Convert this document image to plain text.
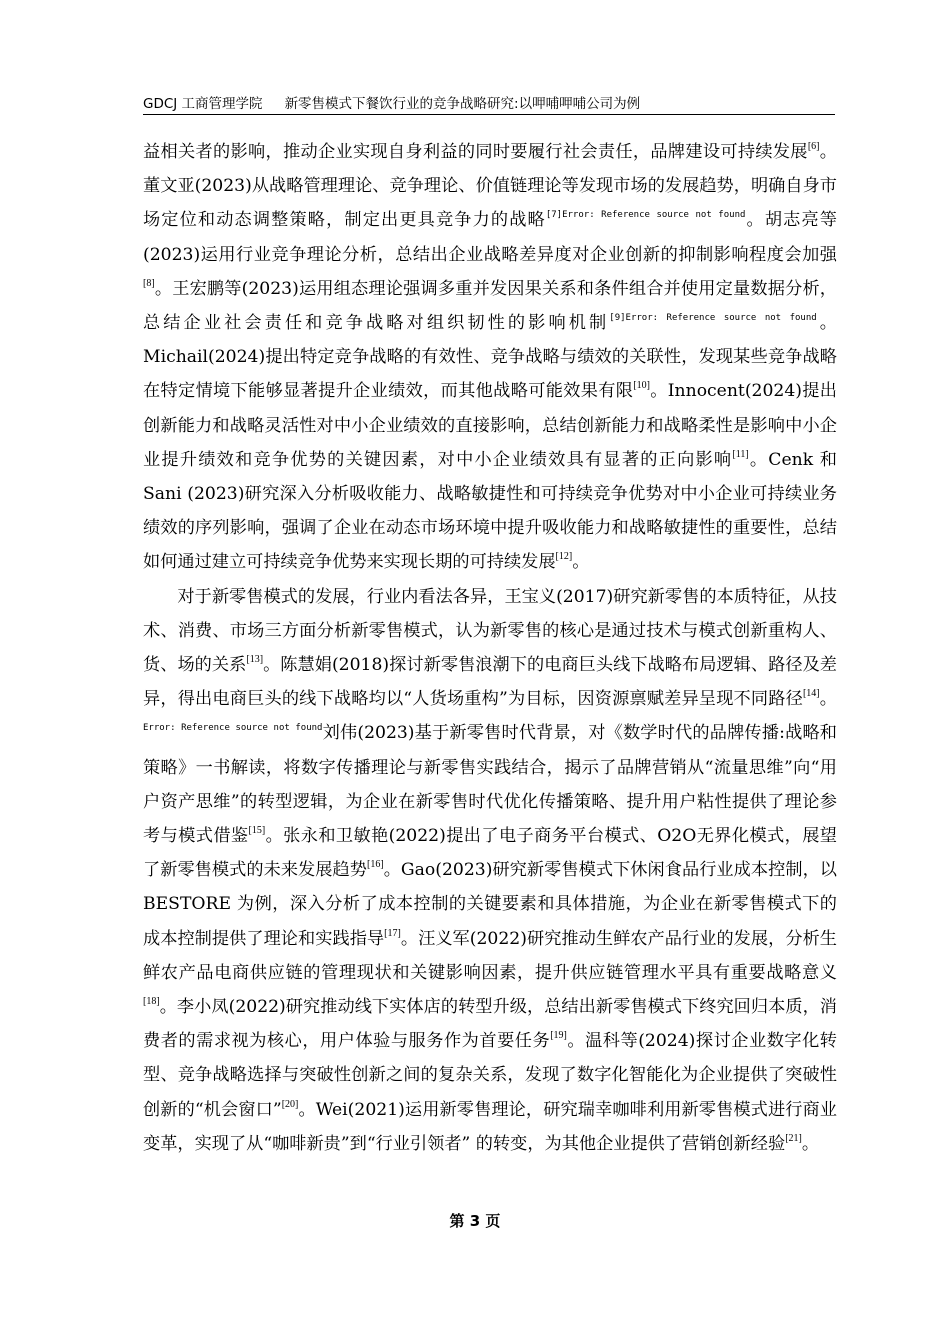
GDCJ 工商管理学院 新零售模式下餐饮行业的竞争战略研究:以呷哺呷哺公司为例

益相关者的影响，推动企业实现自身利益的同时要履行社会责任，品牌建设可持续发展[6]。董文亚(2023)从战略管理理论、竞争理论、价值链理论等发现市场的发展趋势，明确自身市场定位和动态调整策略，制定出更具竞争力的战略$^{[7]Error: Reference source not found}$。胡志亮等(2023)运用行业竞争理论分析，总结出企业战略差异度对企业创新的抑制影响程度会加强[8]。王宏鹏等(2023)运用组态理论强调多重并发因果关系和条件组合并使用定量数据分析，总结企业社会责任和竞争战略对组织韧性的影响机制$^{[9]Error: Reference source not found}$。Michail(2024)提出特定竞争战略的有效性、竞争战略与绩效的关联性，发现某些竞争战略在特定情境下能够显著提升企业绩效，而其他战略可能效果有限[10]。Innocent(2024)提出创新能力和战略灵活性对中小企业绩效的直接影响，总结创新能力和战略柔性是影响中小企业提升绩效和竞争优势的关键因素，对中小企业绩效具有显著的正向影响[11]。Cenk 和 Sani (2023)研究深入分析吸收能力、战略敏捷性和可持续竞争优势对中小企业可持续业务绩效的序列影响，强调了企业在动态市场环境中提升吸收能力和战略敏捷性的重要性，总结如何通过建立可持续竞争优势来实现长期的可持续发展[12]。

对于新零售模式的发展，行业内看法各异，王宝义(2017)研究新零售的本质特征，从技术、消费、市场三方面分析新零售模式，认为新零售的核心是通过技术与模式创新重构人、货、场的关系[13]。陈慧娟(2018)探讨新零售浪潮下的电商巨头线下战略布局逻辑、路径及差异，得出电商巨头的线下战略均以“人货场重构”为目标，因资源禀赋差异呈现不同路径[14]。$^{Error: Reference source not found}$刘伟(2023)基于新零售时代背景，对《数学时代的品牌传播:战略和策略》一书解读，将数字传播理论与新零售实践结合，揭示了品牌营销从“流量思维”向“用户资产思维”的转型逻辑，为企业在新零售时代优化传播策略、提升用户粘性提供了理论参考与模式借鉴[15]。张永和卫敏艳(2022)提出了电子商务平台模式、O2O无界化模式，展望了新零售模式的未来发展趋势[16]。Gao(2023)研究新零售模式下休闲食品行业成本控制，以 BESTORE 为例，深入分析了成本控制的关键要素和具体措施，为企业在新零售模式下的成本控制提供了理论和实践指导[17]。汪义军(2022)研究推动生鲜农产品行业的发展，分析生鲜农产品电商供应链的管理现状和关键影响因素，提升供应链管理水平具有重要战略意义[18]。李小凤(2022)研究推动线下实体店的转型升级，总结出新零售模式下终究回归本质，消费者的需求视为核心，用户体验与服务作为首要任务[19]。温科等(2024)探讨企业数字化转型、竞争战略选择与突破性创新之间的复杂关系，发现了数字化智能化为企业提供了突破性创新的“机会窗口”[20]。Wei(2021)运用新零售理论，研究瑞幸咖啡利用新零售模式进行商业变革，实现了从“咖啡新贵”到“行业引领者” 的转变，为其他企业提供了营销创新经验[21]。

第 3 页
